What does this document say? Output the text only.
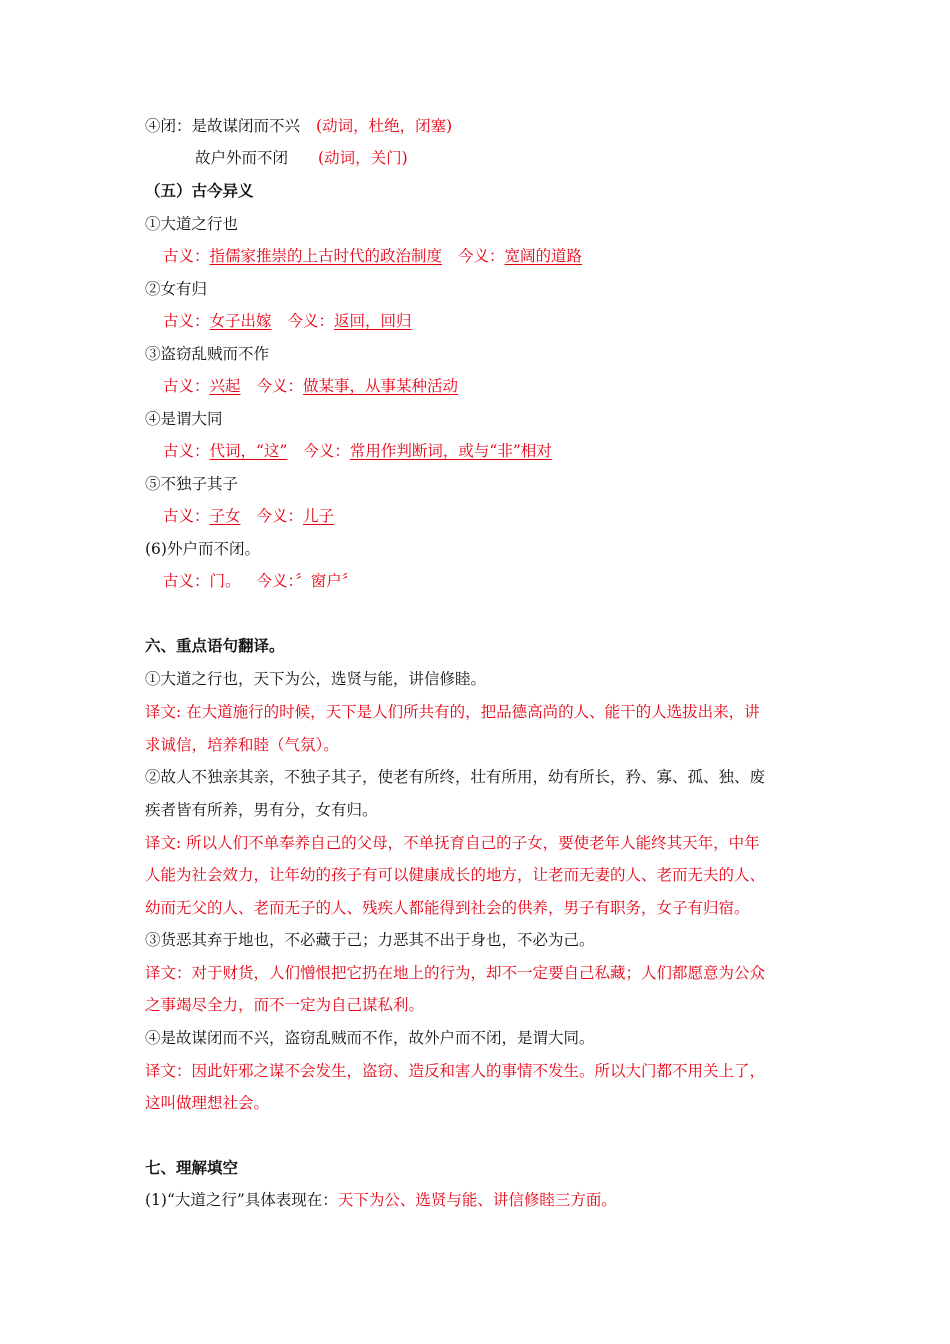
④闭：是故谋闭而不兴 (动词，杜绝，闭塞)
故户外而不闭 (动词，关门)
（五）古今异义
①大道之行也
古义：指儒家推崇的上古时代的政治制度 今义：宽阔的道路
②女有归
古义：女子出嫁 今义：返回，回归
③盗窃乱贼而不作
古义：兴起 今义：做某事，从事某种活动
④是谓大同
古义：代词，“这” 今义：常用作判断词，或与“非”相对
⑤不独子其子
古义：子女 今义：儿子
(6)外户而不闭。
古义：门。 今义：〞窗户〞
六、重点语句翻译。
①大道之行也，天下为公，选贤与能，讲信修睦。
译文: 在大道施行的时候，天下是人们所共有的，把品德高尚的人、能干的人选拔出来，讲
求诚信，培养和睦（气氛）。
②故人不独亲其亲，不独子其子，使老有所终，壮有所用，幼有所长，矜、寡、孤、独、废
疾者皆有所养，男有分，女有归。
译文: 所以人们不单奉养自己的父母，不单抚育自己的子女，要使老年人能终其天年，中年
人能为社会效力，让年幼的孩子有可以健康成长的地方，让老而无妻的人、老而无夫的人、
幼而无父的人、老而无子的人、残疾人都能得到社会的供养，男子有职务，女子有归宿。
③货恶其弃于地也，不必藏于己；力恶其不出于身也，不必为己。
译文：对于财货，人们憎恨把它扔在地上的行为，却不一定要自己私藏；人们都愿意为公众
之事竭尽全力，而不一定为自己谋私利。
④是故谋闭而不兴，盗窃乱贼而不作，故外户而不闭，是谓大同。
译文：因此奸邪之谋不会发生，盗窃、造反和害人的事情不发生。所以大门都不用关上了，
这叫做理想社会。
七、理解填空
(1)“大道之行”具体表现在：天下为公、选贤与能、讲信修睦三方面。
